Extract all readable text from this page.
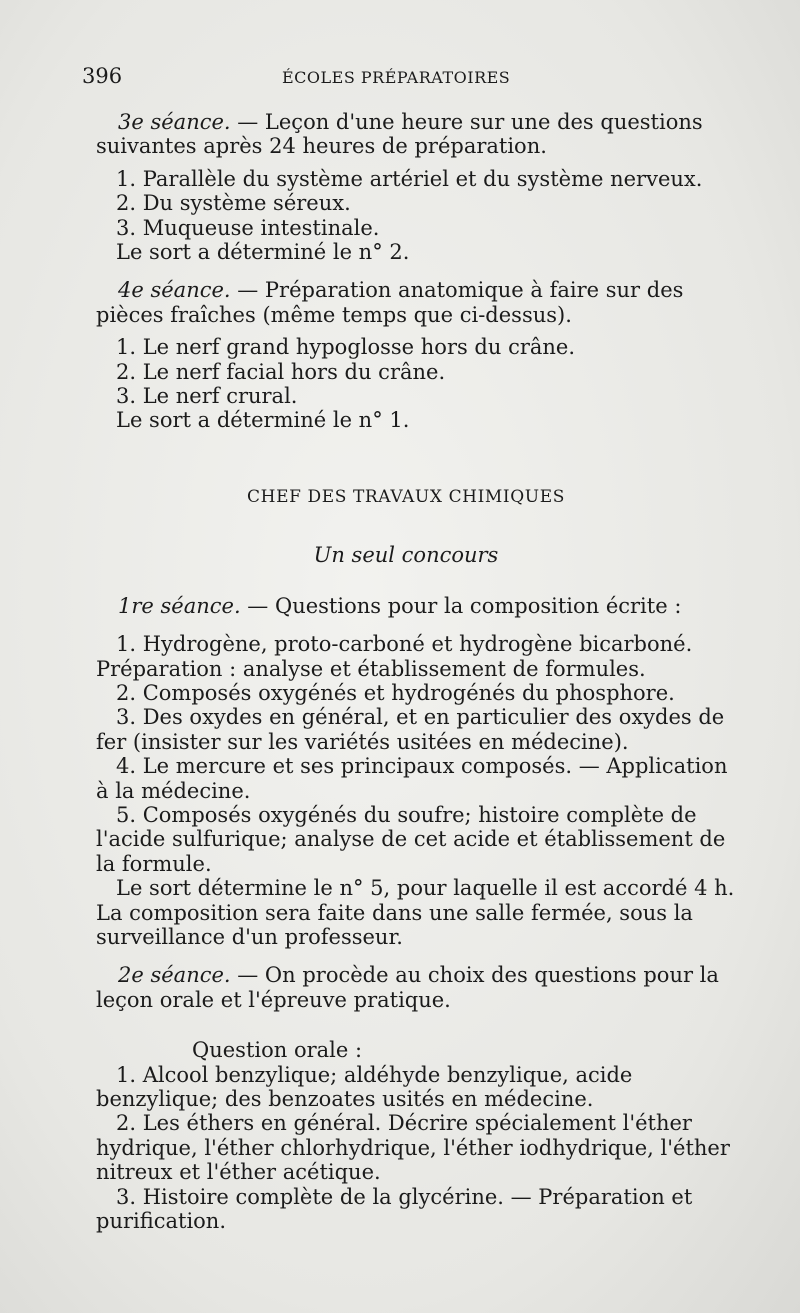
396	ÉCOLES PRÉPARATOIRES

3e séance. — Leçon d'une heure sur une des questions suivantes après 24 heures de préparation.

1. Parallèle du système artériel et du système nerveux.

2. Du système séreux.

3. Muqueuse intestinale.

Le sort a déterminé le n° 2.

4e séance. — Préparation anatomique à faire sur des pièces fraîches (même temps que ci-dessus).

1. Le nerf grand hypoglosse hors du crâne.

2. Le nerf facial hors du crâne.

3. Le nerf crural.

Le sort a déterminé le n° 1.

CHEF DES TRAVAUX CHIMIQUES

Un seul concours

1re séance. — Questions pour la composition écrite :

1. Hydrogène, proto-carboné et hydrogène bicarboné. Préparation : analyse et établissement de formules.

2. Composés oxygénés et hydrogénés du phosphore.

3. Des oxydes en général, et en particulier des oxydes de fer (insister sur les variétés usitées en médecine).

4. Le mercure et ses principaux composés. — Application à la médecine.

5. Composés oxygénés du soufre; histoire complète de l'acide sulfurique; analyse de cet acide et établissement de la formule.

Le sort détermine le n° 5, pour laquelle il est accordé 4 h. La composition sera faite dans une salle fermée, sous la surveillance d'un professeur.

2e séance. — On procède au choix des questions pour la leçon orale et l'épreuve pratique.

Question orale :

1. Alcool benzylique; aldéhyde benzylique, acide benzylique; des benzoates usités en médecine.

2. Les éthers en général. Décrire spécialement l'éther hydrique, l'éther chlorhydrique, l'éther iodhydrique, l'éther nitreux et l'éther acétique.

3. Histoire complète de la glycérine. — Préparation et purification.
